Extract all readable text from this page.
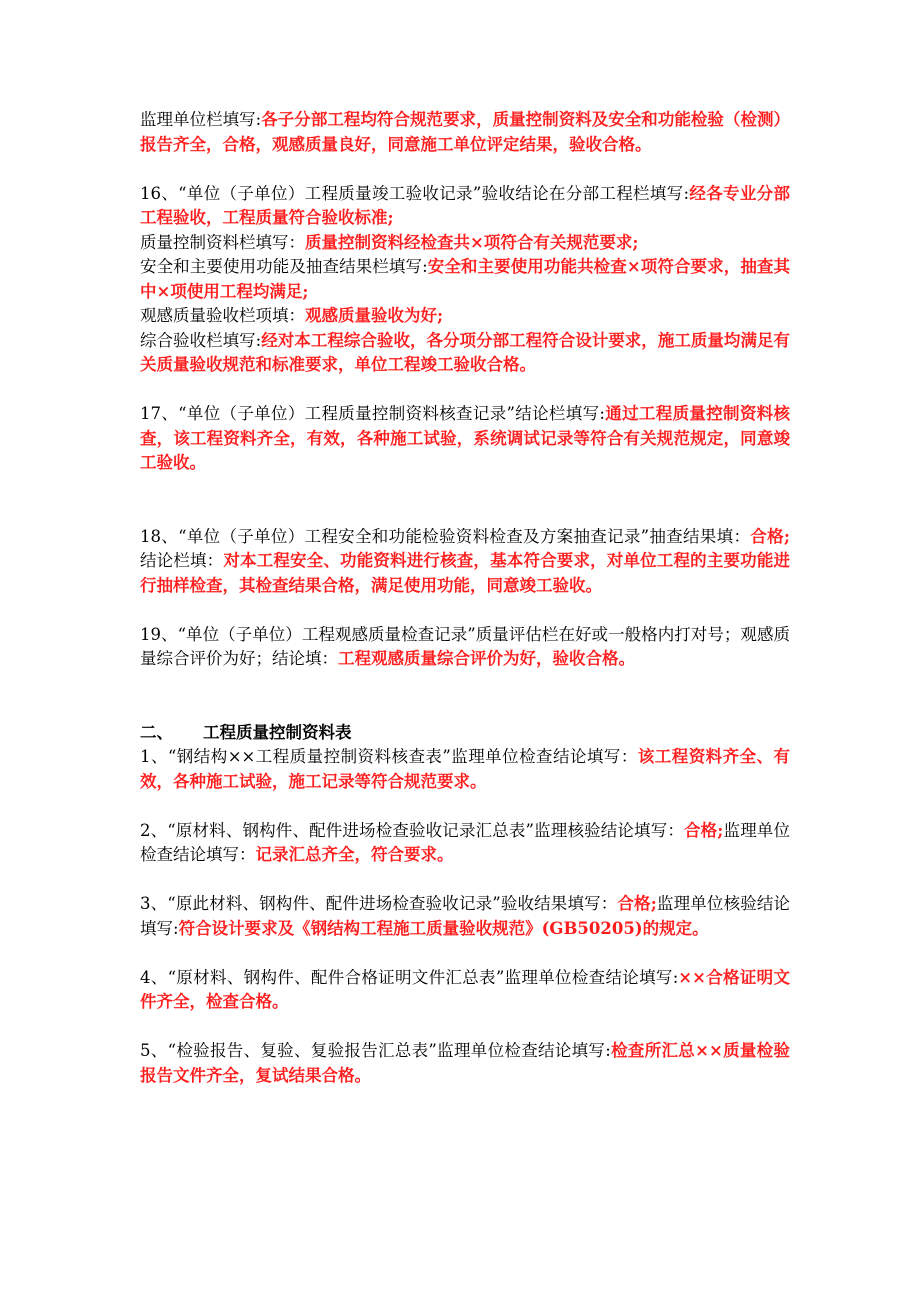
监理单位栏填写:各子分部工程均符合规范要求，质量控制资料及安全和功能检验（检测）报告齐全，合格，观感质量良好，同意施工单位评定结果，验收合格。

16、“单位（子单位）工程质量竣工验收记录”验收结论在分部工程栏填写:经各专业分部工程验收，工程质量符合验收标准;
质量控制资料栏填写：质量控制资料经检查共×项符合有关规范要求;
安全和主要使用功能及抽查结果栏填写:安全和主要使用功能共检查×项符合要求，抽查其中×项使用工程均满足;
观感质量验收栏项填：观感质量验收为好;
综合验收栏填写:经对本工程综合验收，各分项分部工程符合设计要求，施工质量均满足有关质量验收规范和标准要求，单位工程竣工验收合格。

17、“单位（子单位）工程质量控制资料核查记录”结论栏填写:通过工程质量控制资料核查，该工程资料齐全，有效，各种施工试验，系统调试记录等符合有关规范规定，同意竣工验收。

18、“单位（子单位）工程安全和功能检验资料检查及方案抽查记录”抽查结果填：合格;结论栏填：对本工程安全、功能资料进行核查，基本符合要求，对单位工程的主要功能进行抽样检查，其检查结果合格，满足使用功能，同意竣工验收。

19、“单位（子单位）工程观感质量检查记录”质量评估栏在好或一般格内打对号；观感质量综合评价为好；结论填：工程观感质量综合评价为好，验收合格。

二、 工程质量控制资料表

1、“钢结构××工程质量控制资料核查表”监理单位检查结论填写：该工程资料齐全、有效，各种施工试验，施工记录等符合规范要求。

2、“原材料、钢构件、配件进场检查验收记录汇总表”监理核验结论填写：合格;监理单位检查结论填写：记录汇总齐全，符合要求。

3、“原此材料、钢构件、配件进场检查验收记录”验收结果填写：合格;监理单位核验结论填写:符合设计要求及《钢结构工程施工质量验收规范》(GB50205)的规定。

4、“原材料、钢构件、配件合格证明文件汇总表”监理单位检查结论填写:××合格证明文件齐全，检查合格。

5、“检验报告、复验、复验报告汇总表”监理单位检查结论填写:检查所汇总××质量检验报告文件齐全，复试结果合格。
